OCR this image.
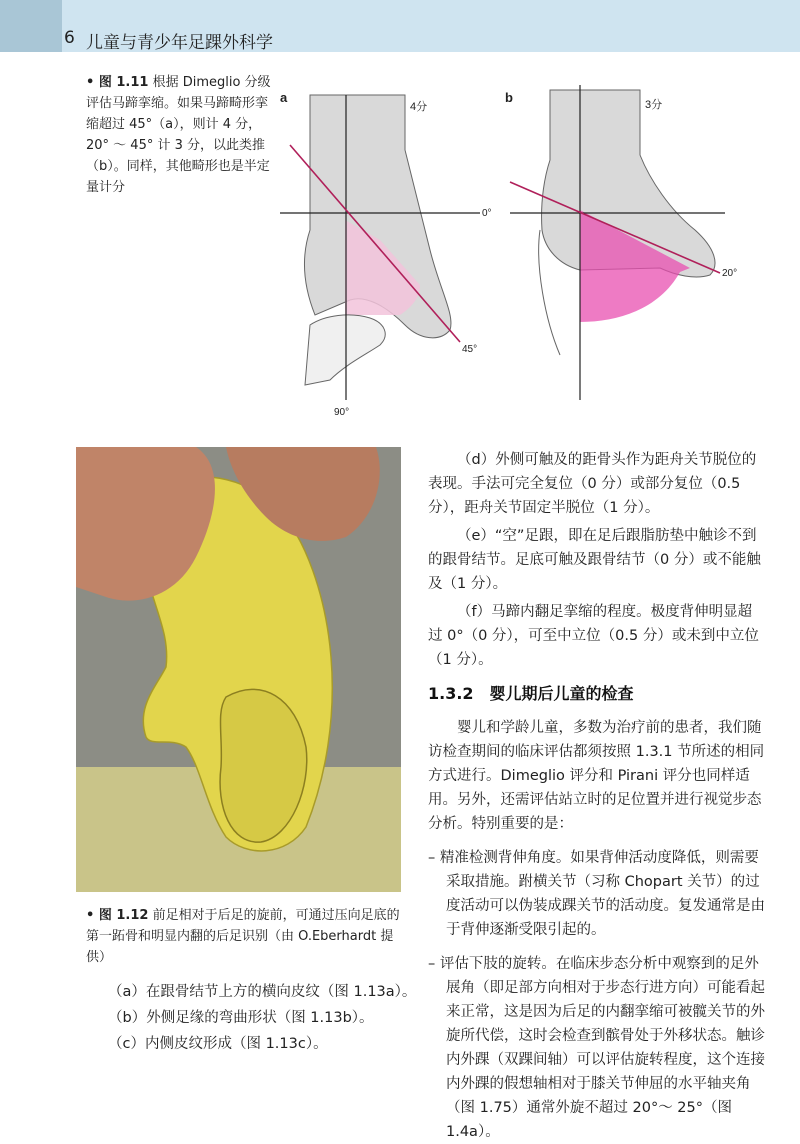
6 儿童与青少年足踝外科学
• 图 1.11 根据 Dimeglio 分级评估马蹄挛缩。如果马蹄畸形挛缩超过 45°（a），则计 4 分，20° ～ 45° 计 3 分，以此类推（b）。同样，其他畸形也是半定量计分
a
4分
0°
45°
90°
b	3分
20°
• 图 1.12 前足相对于后足的旋前，可通过压向足底的第一跖骨和明显内翻的后足识别（由 O.Eberhardt 提供）

（d）外侧可触及的距骨头作为距舟关节脱位的表现。手法可完全复位（0 分）或部分复位（0.5 分），距舟关节固定半脱位（1 分）。

（e）“空”足跟，即在足后跟脂肪垫中触诊不到的跟骨结节。足底可触及跟骨结节（0 分）或不能触及（1 分）。

（f）马蹄内翻足挛缩的程度。极度背伸明显超过 0°（0 分），可至中立位（0.5 分）或未到中立位（1 分）。

1.3.2　婴儿期后儿童的检查

婴儿和学龄儿童，多数为治疗前的患者，我们随访检查期间的临床评估都须按照 1.3.1 节所述的相同方式进行。Dimeglio 评分和 Pirani 评分也同样适用。另外，还需评估站立时的足位置并进行视觉步态分析。特别重要的是：

– 精准检测背伸角度。如果背伸活动度降低，则需要采取措施。跗横关节（习称 Chopart 关节）的过度活动可以伪装成踝关节的活动度。复发通常是由于背伸逐渐受限引起的。

– 评估下肢的旋转。在临床步态分析中观察到的足外展角（即足部方向相对于步态行进方向）可能看起来正常，这是因为后足的内翻挛缩可被髋关节的外旋所代偿，这时会检查到髌骨处于外移状态。触诊内外踝（双踝间轴）可以评估旋转程度，这个连接内外踝的假想轴相对于膝关节伸屈的水平轴夹角（图 1.75）通常外旋不超过 20°～ 25°（图 1.4a）。

（a）在跟骨结节上方的横向皮纹（图 1.13a）。
（b）外侧足缘的弯曲形状（图 1.13b）。
（c）内侧皮纹形成（图 1.13c）。
